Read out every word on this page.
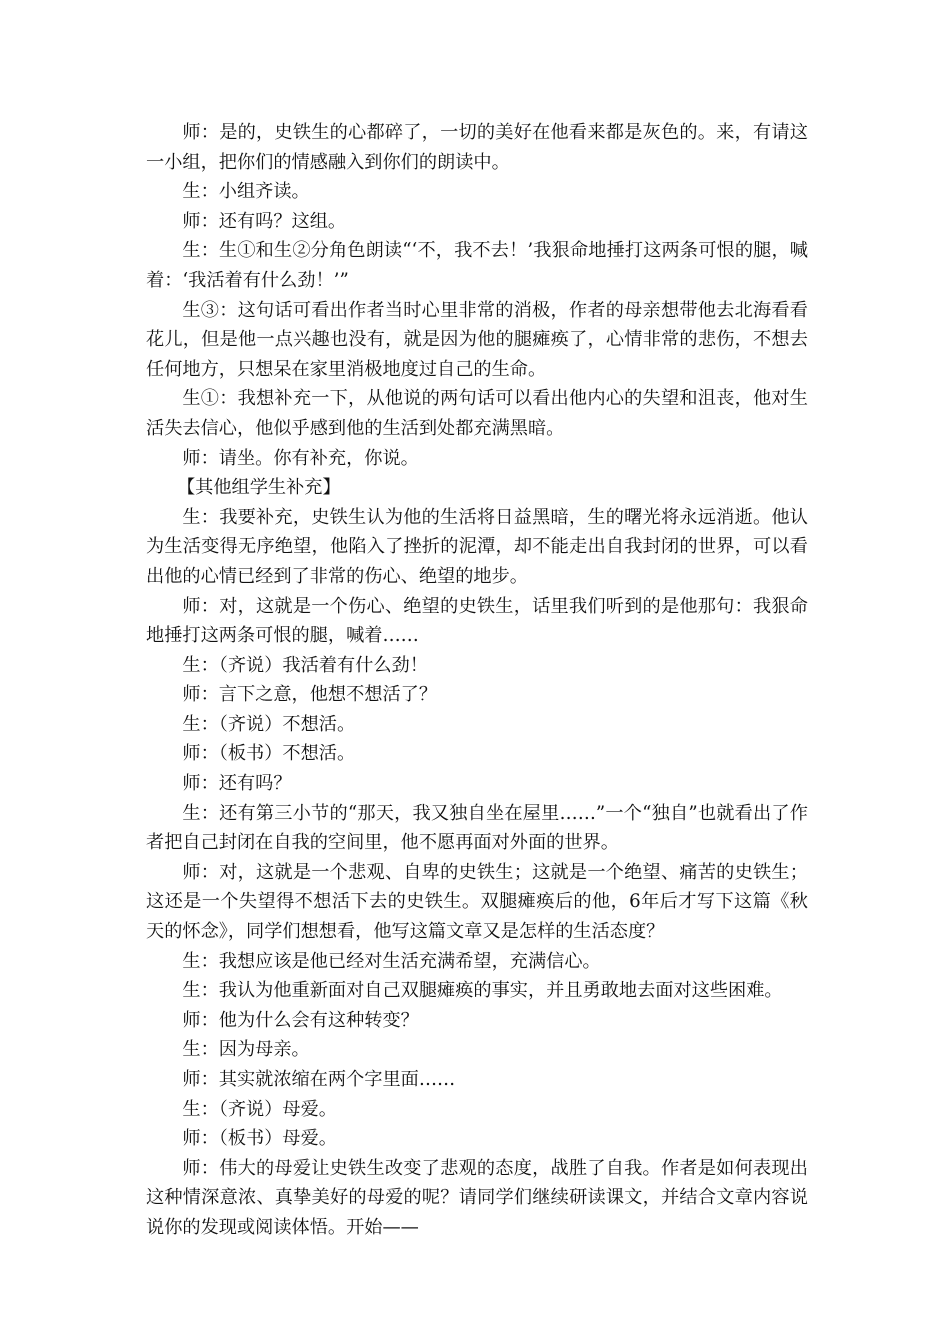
师：是的，史铁生的心都碎了，一切的美好在他看来都是灰色的。来，有请这一小组，把你们的情感融入到你们的朗读中。

生：小组齐读。

师：还有吗？这组。

生：生①和生②分角色朗读“‘不，我不去！’我狠命地捶打这两条可恨的腿，喊着：‘我活着有什么劲！’”

生③：这句话可看出作者当时心里非常的消极，作者的母亲想带他去北海看看花儿，但是他一点兴趣也没有，就是因为他的腿瘫痪了，心情非常的悲伤，不想去任何地方，只想呆在家里消极地度过自己的生命。

生①：我想补充一下，从他说的两句话可以看出他内心的失望和沮丧，他对生活失去信心，他似乎感到他的生活到处都充满黑暗。

师：请坐。你有补充，你说。

【其他组学生补充】

生：我要补充，史铁生认为他的生活将日益黑暗，生的曙光将永远消逝。他认为生活变得无序绝望，他陷入了挫折的泥潭，却不能走出自我封闭的世界，可以看出他的心情已经到了非常的伤心、绝望的地步。

师：对，这就是一个伤心、绝望的史铁生，话里我们听到的是他那句：我狠命地捶打这两条可恨的腿，喊着……

生：（齐说）我活着有什么劲！

师：言下之意，他想不想活了？

生：（齐说）不想活。

师：（板书）不想活。

师：还有吗？

生：还有第三小节的“那天，我又独自坐在屋里……”一个“独自”也就看出了作者把自己封闭在自我的空间里，他不愿再面对外面的世界。

师：对，这就是一个悲观、自卑的史铁生；这就是一个绝望、痛苦的史铁生；这还是一个失望得不想活下去的史铁生。双腿瘫痪后的他，6年后才写下这篇《秋天的怀念》，同学们想想看，他写这篇文章又是怎样的生活态度？

生：我想应该是他已经对生活充满希望，充满信心。

生：我认为他重新面对自己双腿瘫痪的事实，并且勇敢地去面对这些困难。

师：他为什么会有这种转变？

生：因为母亲。

师：其实就浓缩在两个字里面……

生：（齐说）母爱。

师：（板书）母爱。

师：伟大的母爱让史铁生改变了悲观的态度，战胜了自我。作者是如何表现出这种情深意浓、真挚美好的母爱的呢？请同学们继续研读课文，并结合文章内容说说你的发现或阅读体悟。开始——
